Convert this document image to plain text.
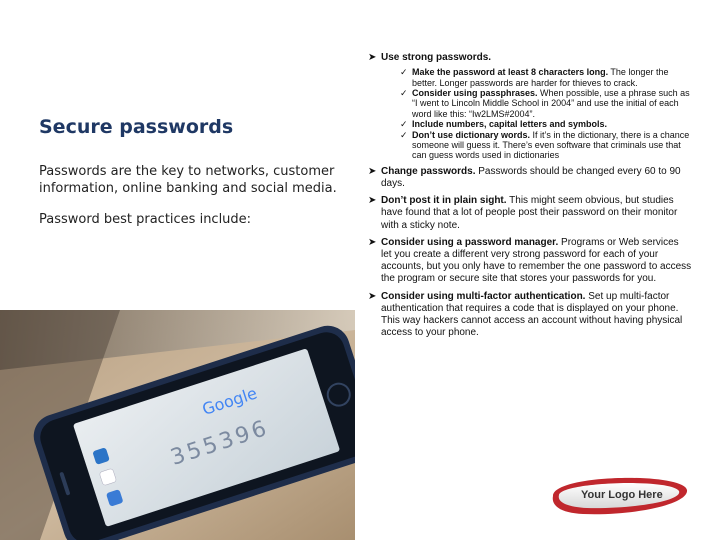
Secure passwords
Passwords are the key to networks, customer information, online banking and social media.
Password best practices include:
Google
355396
➤ Use strong passwords.
✓ Make the password at least 8 characters long. The longer the better. Longer passwords are harder for thieves to crack.
✓ Consider using passphrases. When possible, use a phrase such as “I went to Lincoln Middle School in 2004” and use the initial of each word like this: “Iw2LMS#2004”.
✓ Include numbers, capital letters and symbols.
✓ Don’t use dictionary words. If it’s in the dictionary, there is a chance someone will guess it. There’s even software that criminals use that can guess words used in dictionaries
➤ Change passwords. Passwords should be changed every 60 to 90 days.
➤ Don’t post it in plain sight. This might seem obvious, but studies have found that a lot of people post their password on their monitor with a sticky note.
➤ Consider using a password manager. Programs or Web services let you create a different very strong password for each of your accounts, but you only have to remember the one password to access the program or secure site that stores your passwords for you.
➤ Consider using multi-factor authentication. Set up multi-factor authentication that requires a code that is displayed on your phone. This way hackers cannot access an account without having physical access to your phone.
Your Logo Here
